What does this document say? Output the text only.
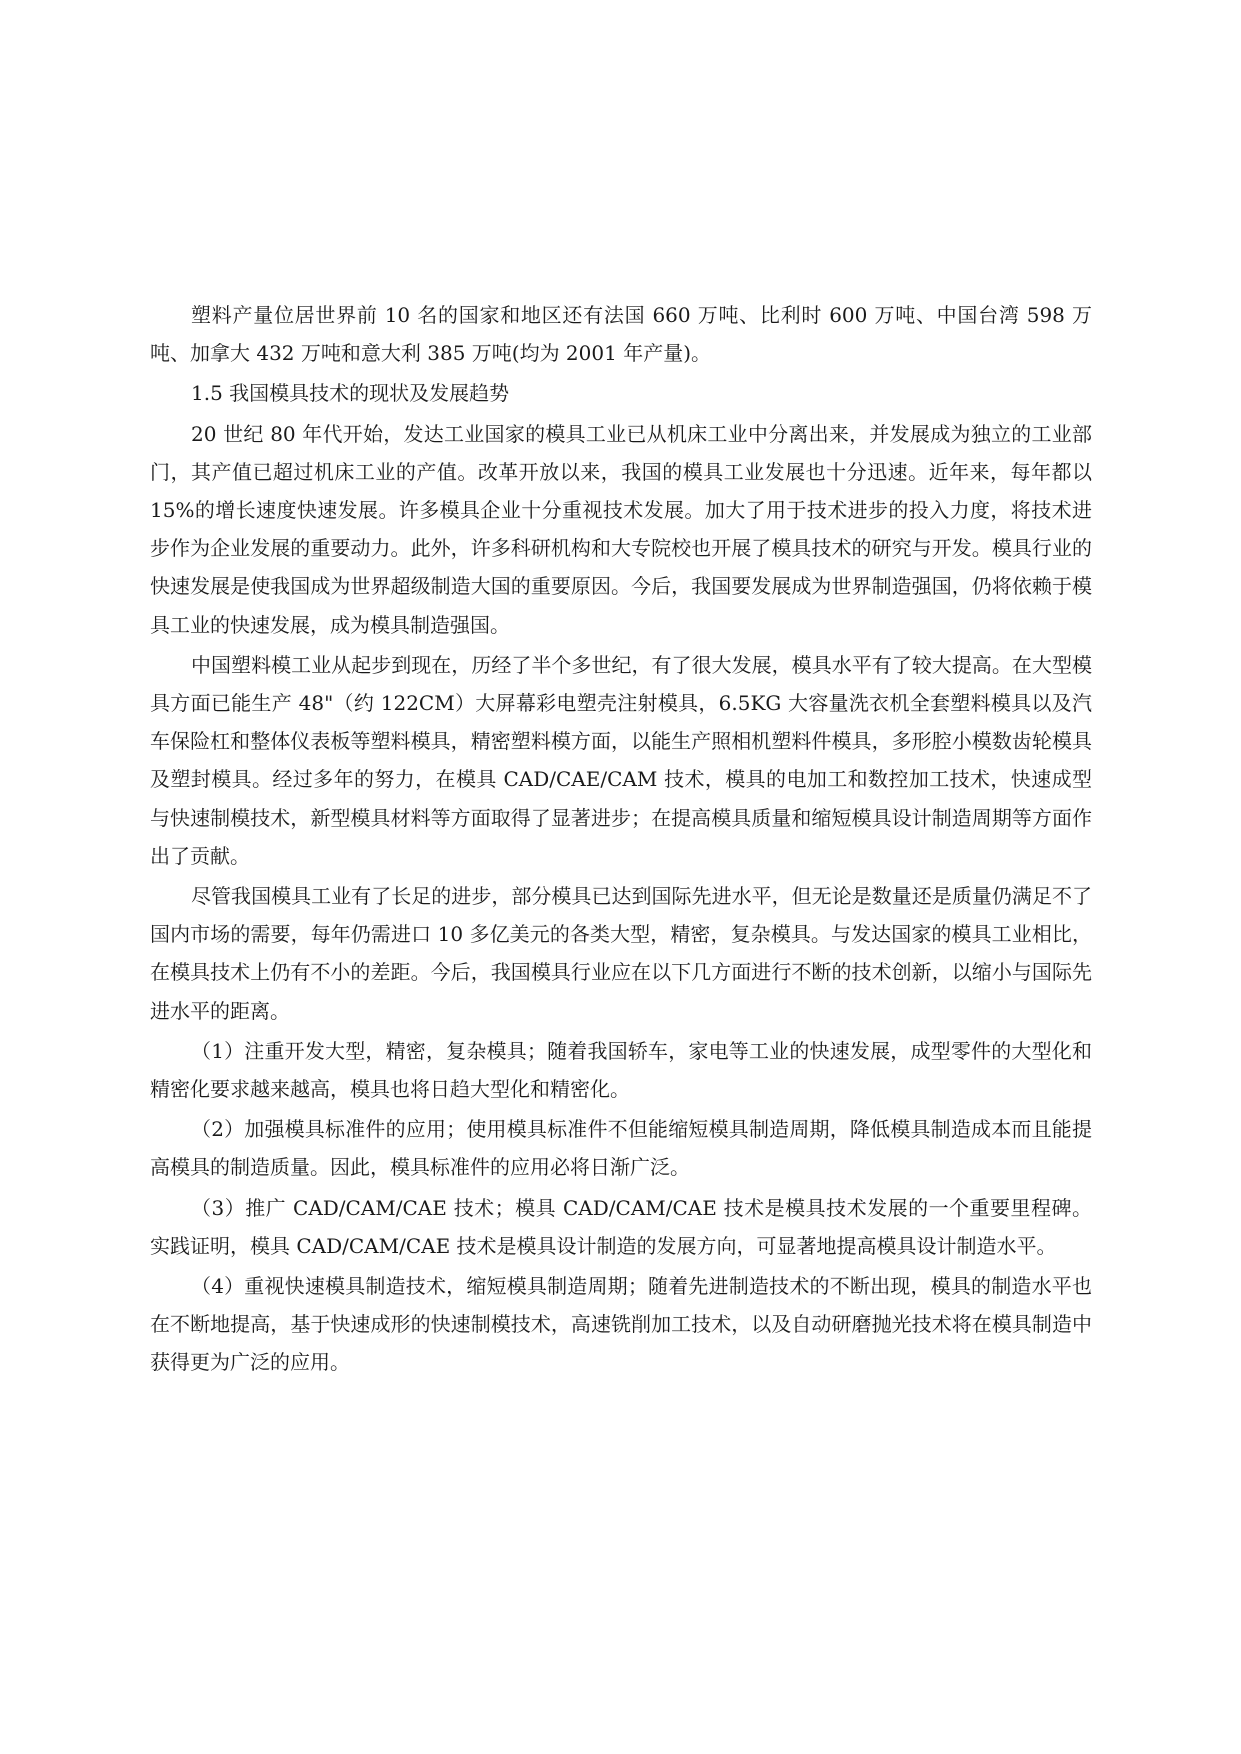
塑料产量位居世界前 10 名的国家和地区还有法国 660 万吨、比利时 600 万吨、中国台湾 598 万吨、加拿大 432 万吨和意大利 385 万吨(均为 2001 年产量)。

1.5 我国模具技术的现状及发展趋势

20 世纪 80 年代开始，发达工业国家的模具工业已从机床工业中分离出来，并发展成为独立的工业部门，其产值已超过机床工业的产值。改革开放以来，我国的模具工业发展也十分迅速。近年来，每年都以 15%的增长速度快速发展。许多模具企业十分重视技术发展。加大了用于技术进步的投入力度，将技术进步作为企业发展的重要动力。此外，许多科研机构和大专院校也开展了模具技术的研究与开发。模具行业的快速发展是使我国成为世界超级制造大国的重要原因。今后，我国要发展成为世界制造强国，仍将依赖于模具工业的快速发展，成为模具制造强国。

中国塑料模工业从起步到现在，历经了半个多世纪，有了很大发展，模具水平有了较大提高。在大型模具方面已能生产 48"（约 122CM）大屏幕彩电塑壳注射模具，6.5KG 大容量洗衣机全套塑料模具以及汽车保险杠和整体仪表板等塑料模具，精密塑料模方面，以能生产照相机塑料件模具，多形腔小模数齿轮模具及塑封模具。经过多年的努力，在模具 CAD/CAE/CAM 技术，模具的电加工和数控加工技术，快速成型与快速制模技术，新型模具材料等方面取得了显著进步；在提高模具质量和缩短模具设计制造周期等方面作出了贡献。

尽管我国模具工业有了长足的进步，部分模具已达到国际先进水平，但无论是数量还是质量仍满足不了国内市场的需要，每年仍需进口 10 多亿美元的各类大型，精密，复杂模具。与发达国家的模具工业相比，在模具技术上仍有不小的差距。今后，我国模具行业应在以下几方面进行不断的技术创新，以缩小与国际先进水平的距离。

（1）注重开发大型，精密，复杂模具；随着我国轿车，家电等工业的快速发展，成型零件的大型化和精密化要求越来越高，模具也将日趋大型化和精密化。

（2）加强模具标准件的应用；使用模具标准件不但能缩短模具制造周期，降低模具制造成本而且能提高模具的制造质量。因此，模具标准件的应用必将日渐广泛。

（3）推广 CAD/CAM/CAE 技术；模具 CAD/CAM/CAE 技术是模具技术发展的一个重要里程碑。实践证明，模具 CAD/CAM/CAE 技术是模具设计制造的发展方向，可显著地提高模具设计制造水平。

（4）重视快速模具制造技术，缩短模具制造周期；随着先进制造技术的不断出现，模具的制造水平也在不断地提高，基于快速成形的快速制模技术，高速铣削加工技术，以及自动研磨抛光技术将在模具制造中获得更为广泛的应用。
